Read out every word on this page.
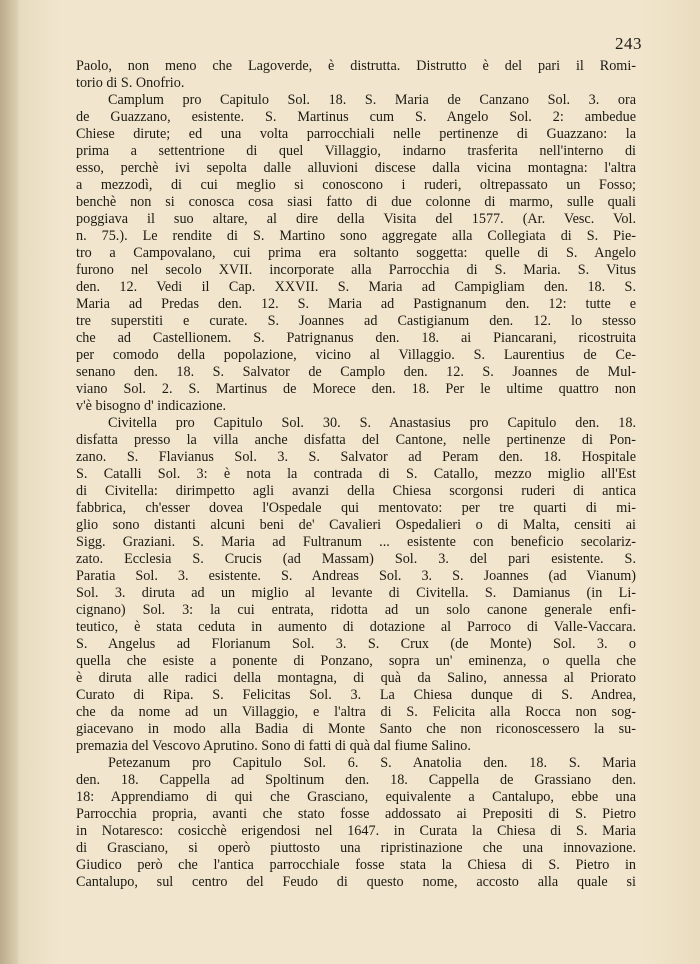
243
Paolo, non meno che Lagoverde, è distrutta. Distrutto è del pari il Romi-
torio di S. Onofrio.
Camplum pro Capitulo Sol. 18. S. Maria de Canzano Sol. 3. ora
de Guazzano, esistente. S. Martinus cum S. Angelo Sol. 2: ambedue
Chiese dirute; ed una volta parrocchiali nelle pertinenze di Guazzano: la
prima a settentrione di quel Villaggio, indarno trasferita nell'interno di
esso, perchè ivi sepolta dalle alluvioni discese dalla vicina montagna: l'altra
a mezzodì, di cui meglio si conoscono i ruderi, oltrepassato un Fosso;
benchè non si conosca cosa siasi fatto di due colonne di marmo, sulle quali
poggiava il suo altare, al dire della Visita del 1577. (Ar. Vesc. Vol.
n. 75.). Le rendite di S. Martino sono aggregate alla Collegiata di S. Pie-
tro a Campovalano, cui prima era soltanto soggetta: quelle di S. Angelo
furono nel secolo XVII. incorporate alla Parrocchia di S. Maria. S. Vitus
den. 12. Vedi il Cap. XXVII. S. Maria ad Campigliam den. 18. S.
Maria ad Predas den. 12. S. Maria ad Pastignanum den. 12: tutte e
tre superstiti e curate. S. Joannes ad Castigianum den. 12. lo stesso
che ad Castellionem. S. Patrignanus den. 18. ai Piancarani, ricostruita
per comodo della popolazione, vicino al Villaggio. S. Laurentius de Ce-
senano den. 18. S. Salvator de Camplo den. 12. S. Joannes de Mul-
viano Sol. 2. S. Martinus de Morece den. 18. Per le ultime quattro non
v'è bisogno d' indicazione.
Civitella pro Capitulo Sol. 30. S. Anastasius pro Capitulo den. 18.
disfatta presso la villa anche disfatta del Cantone, nelle pertinenze di Pon-
zano. S. Flavianus Sol. 3. S. Salvator ad Peram den. 18. Hospitale
S. Catalli Sol. 3: è nota la contrada di S. Catallo, mezzo miglio all'Est
di Civitella: dirimpetto agli avanzi della Chiesa scorgonsi ruderi di antica
fabbrica, ch'esser dovea l'Ospedale qui mentovato: per tre quarti di mi-
glio sono distanti alcuni beni de' Cavalieri Ospedalieri o di Malta, censiti ai
Sigg. Graziani. S. Maria ad Fultranum ... esistente con beneficio secolariz-
zato. Ecclesia S. Crucis (ad Massam) Sol. 3. del pari esistente. S.
Paratia Sol. 3. esistente. S. Andreas Sol. 3. S. Joannes (ad Vianum)
Sol. 3. diruta ad un miglio al levante di Civitella. S. Damianus (in Li-
cignano) Sol. 3: la cui entrata, ridotta ad un solo canone generale enfi-
teutico, è stata ceduta in aumento di dotazione al Parroco di Valle-Vaccara.
S. Angelus ad Florianum Sol. 3. S. Crux (de Monte) Sol. 3. o
quella che esiste a ponente di Ponzano, sopra un' eminenza, o quella che
è diruta alle radici della montagna, di quà da Salino, annessa al Priorato
Curato di Ripa. S. Felicitas Sol. 3. La Chiesa dunque di S. Andrea,
che da nome ad un Villaggio, e l'altra di S. Felicita alla Rocca non sog-
giacevano in modo alla Badia di Monte Santo che non riconoscessero la su-
premazia del Vescovo Aprutino. Sono di fatti di quà dal fiume Salino.
Petezanum pro Capitulo Sol. 6. S. Anatolia den. 18. S. Maria
den. 18. Cappella ad Spoltinum den. 18. Cappella de Grassiano den.
18: Apprendiamo di qui che Grasciano, equivalente a Cantalupo, ebbe una
Parrocchia propria, avanti che stato fosse addossato ai Prepositi di S. Pietro
in Notaresco: cosicchè erigendosi nel 1647. in Curata la Chiesa di S. Maria
di Grasciano, si operò piuttosto una ripristinazione che una innovazione.
Giudico però che l'antica parrocchiale fosse stata la Chiesa di S. Pietro in
Cantalupo, sul centro del Feudo di questo nome, accosto alla quale si
